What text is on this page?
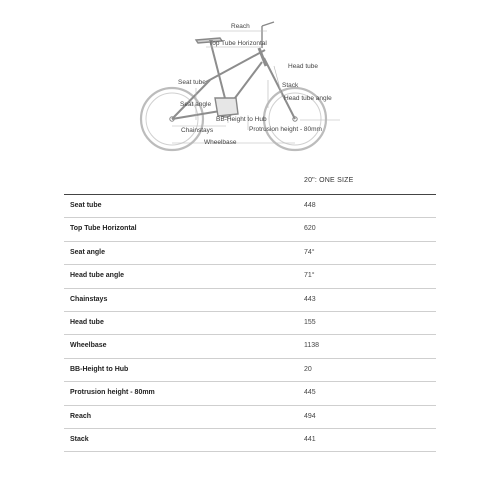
Reach
Top Tube Horizontal
Head tube
Seat tube	Stack
Head tube angle
Seat angle
BB-Height to Hub
Chainstays	Protrusion height - 80mm
Wheelbase
20": ONE SIZE
Seat tube	448
Top Tube Horizontal	620
Seat angle	74°
Head tube angle	71°
Chainstays	443
Head tube	155
Wheelbase	1138
BB-Height to Hub	20
Protrusion height - 80mm	445
Reach	494
Stack	441
